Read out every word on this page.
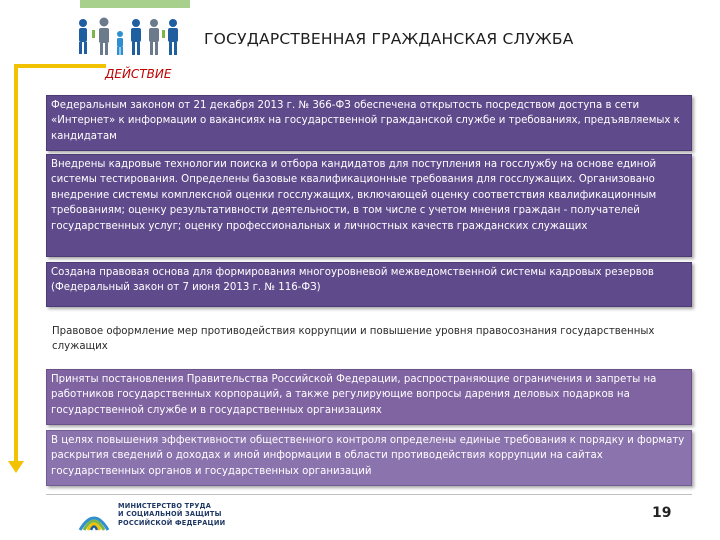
ГОСУДАРСТВЕННАЯ ГРАЖДАНСКАЯ СЛУЖБА
ДЕЙСТВИЕ
Федеральным законом от 21 декабря 2013 г. № 366-ФЗ обеспечена открытость посредством доступа в сети «Интернет» к информации о вакансиях на государственной гражданской службе и требованиях, предъявляемых к кандидатам
Внедрены кадровые технологии поиска и отбора кандидатов для поступления на госслужбу на основе единой системы тестирования. Определены базовые квалификационные требования для госслужащих. Организовано внедрение системы комплексной оценки госслужащих, включающей оценку соответствия квалификационным требованиям; оценку результативности деятельности, в том числе с учетом мнения граждан - получателей государственных услуг; оценку профессиональных и личностных качеств гражданских служащих
Создана правовая основа для формирования многоуровневой межведомственной системы кадровых резервов (Федеральный закон от 7 июня 2013 г. № 116-ФЗ)
Правовое оформление мер противодействия коррупции и повышение уровня правосознания государственных служащих
Приняты постановления Правительства Российской Федерации, распространяющие ограничения и запреты на работников государственных корпораций, а также регулирующие вопросы дарения деловых подарков на государственной службе и в государственных организациях
В целях повышения эффективности общественного контроля определены единые требования к порядку и формату раскрытия сведений о доходах и иной информации в области противодействия коррупции на сайтах государственных органов и государственных организаций
МИНИСТЕРСТВО ТРУДА
И СОЦИАЛЬНОЙ ЗАЩИТЫ
РОССИЙСКОЙ ФЕДЕРАЦИИ
19
